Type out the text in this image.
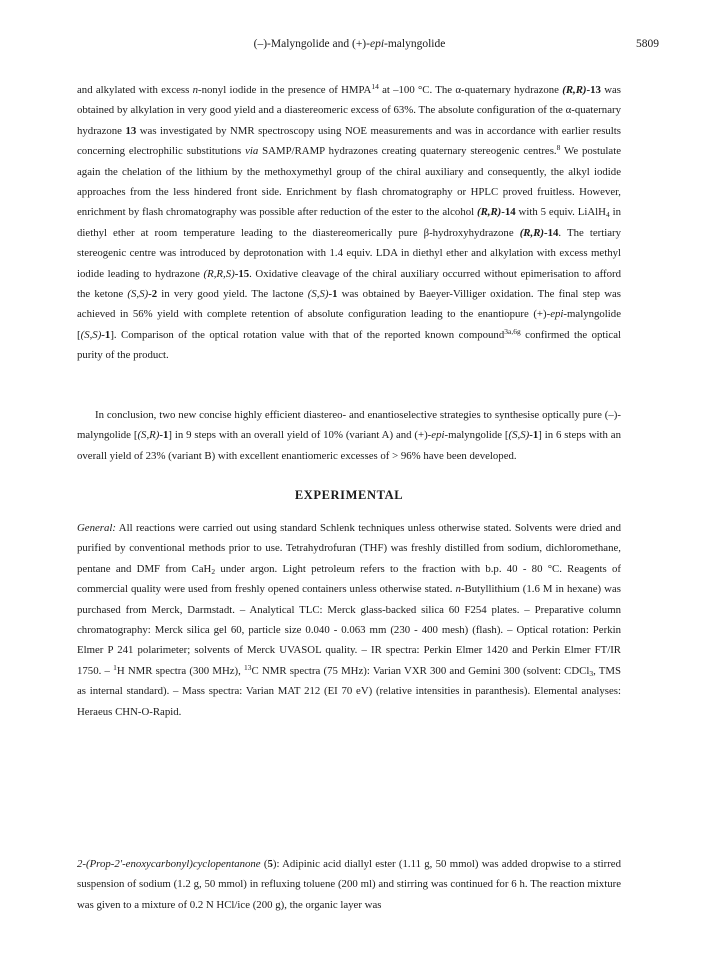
(–)-Malyngolide and (+)-epi-malyngolide	5809

and alkylated with excess n-nonyl iodide in the presence of HMPA$^{14}$ at –100 °C. The α-quaternary hydrazone (R,R)-13 was obtained by alkylation in very good yield and a diastereomeric excess of 63%. The absolute configuration of the α-quaternary hydrazone 13 was investigated by NMR spectroscopy using NOE measurements and was in accordance with earlier results concerning electrophilic substitutions via SAMP/RAMP hydrazones creating quaternary stereogenic centres.$^8$ We postulate again the chelation of the lithium by the methoxymethyl group of the chiral auxiliary and consequently, the alkyl iodide approaches from the less hindered front side. Enrichment by flash chromatography or HPLC proved fruitless. However, enrichment by flash chromatography was possible after reduction of the ester to the alcohol (R,R)-14 with 5 equiv. LiAlH$_4$ in diethyl ether at room temperature leading to the diastereomerically pure β-hydroxyhydrazone (R,R)-14. The tertiary stereogenic centre was introduced by deprotonation with 1.4 equiv. LDA in diethyl ether and alkylation with excess methyl iodide leading to hydrazone (R,R,S)-15. Oxidative cleavage of the chiral auxiliary occurred without epimerisation to afford the ketone (S,S)-2 in very good yield. The lactone (S,S)-1 was obtained by Baeyer-Villiger oxidation. The final step was achieved in 56% yield with complete retention of absolute configuration leading to the enantiopure (+)-epi-malyngolide [(S,S)-1]. Comparison of the optical rotation value with that of the reported known compound$^{3a,6g}$ confirmed the optical purity of the product.

In conclusion, two new concise highly efficient diastereo- and enantioselective strategies to synthesise optically pure (–)-malyngolide [(S,R)-1] in 9 steps with an overall yield of 10% (variant A) and (+)-epi-malyngolide [(S,S)-1] in 6 steps with an overall yield of 23% (variant B) with excellent enantiomeric excesses of > 96% have been developed.

EXPERIMENTAL

General: All reactions were carried out using standard Schlenk techniques unless otherwise stated. Solvents were dried and purified by conventional methods prior to use. Tetrahydrofuran (THF) was freshly distilled from sodium, dichloromethane, pentane and DMF from CaH$_2$ under argon. Light petroleum refers to the fraction with b.p. 40 - 80 °C. Reagents of commercial quality were used from freshly opened containers unless otherwise stated. n-Butyllithium (1.6 M in hexane) was purchased from Merck, Darmstadt. – Analytical TLC: Merck glass-backed silica 60 F254 plates. – Preparative column chromatography: Merck silica gel 60, particle size 0.040 - 0.063 mm (230 - 400 mesh) (flash). – Optical rotation: Perkin Elmer P 241 polarimeter; solvents of Merck UVASOL quality. – IR spectra: Perkin Elmer 1420 and Perkin Elmer FT/IR 1750. – $^1$H NMR spectra (300 MHz), $^{13}$C NMR spectra (75 MHz): Varian VXR 300 and Gemini 300 (solvent: CDCl$_3$, TMS as internal standard). – Mass spectra: Varian MAT 212 (EI 70 eV) (relative intensities in paranthesis). Elemental analyses: Heraeus CHN-O-Rapid.

2-(Prop-2'-enoxycarbonyl)cyclopentanone (5): Adipinic acid diallyl ester (1.11 g, 50 mmol) was added dropwise to a stirred suspension of sodium (1.2 g, 50 mmol) in refluxing toluene (200 ml) and stirring was continued for 6 h. The reaction mixture was given to a mixture of 0.2 N HCl/ice (200 g), the organic layer was
